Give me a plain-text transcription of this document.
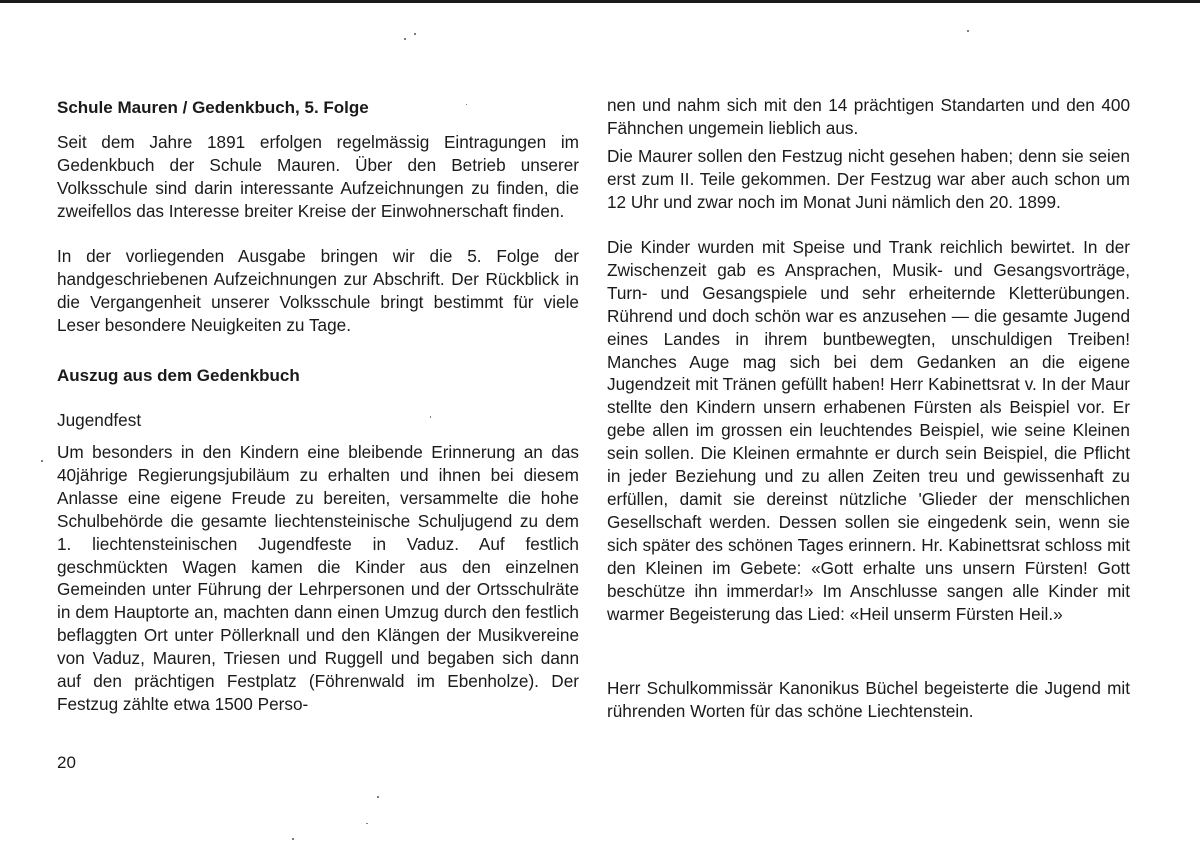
Schule Mauren / Gedenkbuch, 5. Folge

Seit dem Jahre 1891 erfolgen regelmässig Eintragungen im Gedenkbuch der Schule Mauren. Über den Betrieb unserer Volksschule sind darin interessante Aufzeichnungen zu finden, die zweifellos das Interesse breiter Kreise der Einwohnerschaft finden.

In der vorliegenden Ausgabe bringen wir die 5. Folge der handgeschriebenen Aufzeichnungen zur Abschrift. Der Rückblick in die Vergangenheit unserer Volksschule bringt bestimmt für viele Leser besondere Neuigkeiten zu Tage.

Auszug aus dem Gedenkbuch
Jugendfest

Um besonders in den Kindern eine bleibende Erinnerung an das 40jährige Regierungsjubiläum zu erhalten und ihnen bei diesem Anlasse eine eigene Freude zu bereiten, versammelte die hohe Schulbehörde die gesamte liechtensteinische Schuljugend zu dem 1. liechtensteinischen Jugendfeste in Vaduz. Auf festlich geschmückten Wagen kamen die Kinder aus den einzelnen Gemeinden unter Führung der Lehrpersonen und der Ortsschulräte in dem Hauptorte an, machten dann einen Umzug durch den festlich beflaggten Ort unter Pöllerknall und den Klängen der Musikvereine von Vaduz, Mauren, Triesen und Ruggell und begaben sich dann auf den prächtigen Festplatz (Föhrenwald im Ebenholze). Der Festzug zählte etwa 1500 Perso-

nen und nahm sich mit den 14 prächtigen Standarten und den 400 Fähnchen ungemein lieblich aus.

Die Maurer sollen den Festzug nicht gesehen haben; denn sie seien erst zum II. Teile gekommen. Der Festzug war aber auch schon um 12 Uhr und zwar noch im Monat Juni nämlich den 20. 1899.

Die Kinder wurden mit Speise und Trank reichlich bewirtet. In der Zwischenzeit gab es Ansprachen, Musik- und Gesangsvorträge, Turn- und Gesangspiele und sehr erheiternde Kletterübungen. Rührend und doch schön war es anzusehen — die gesamte Jugend eines Landes in ihrem buntbewegten, unschuldigen Treiben! Manches Auge mag sich bei dem Gedanken an die eigene Jugendzeit mit Tränen gefüllt haben! Herr Kabinettsrat v. In der Maur stellte den Kindern unsern erhabenen Fürsten als Beispiel vor. Er gebe allen im grossen ein leuchtendes Beispiel, wie seine Kleinen sein sollen. Die Kleinen ermahnte er durch sein Beispiel, die Pflicht in jeder Beziehung und zu allen Zeiten treu und gewissenhaft zu erfüllen, damit sie dereinst nützliche 'Glieder der menschlichen Gesellschaft werden. Dessen sollen sie eingedenk sein, wenn sie sich später des schönen Tages erinnern. Hr. Kabinettsrat schloss mit den Kleinen im Gebete: «Gott erhalte uns unsern Fürsten! Gott beschütze ihn immerdar!» Im Anschlusse sangen alle Kinder mit warmer Begeisterung das Lied: «Heil unserm Fürsten Heil.»

Herr Schulkommissär Kanonikus Büchel begeisterte die Jugend mit rührenden Worten für das schöne Liechtenstein.

20
